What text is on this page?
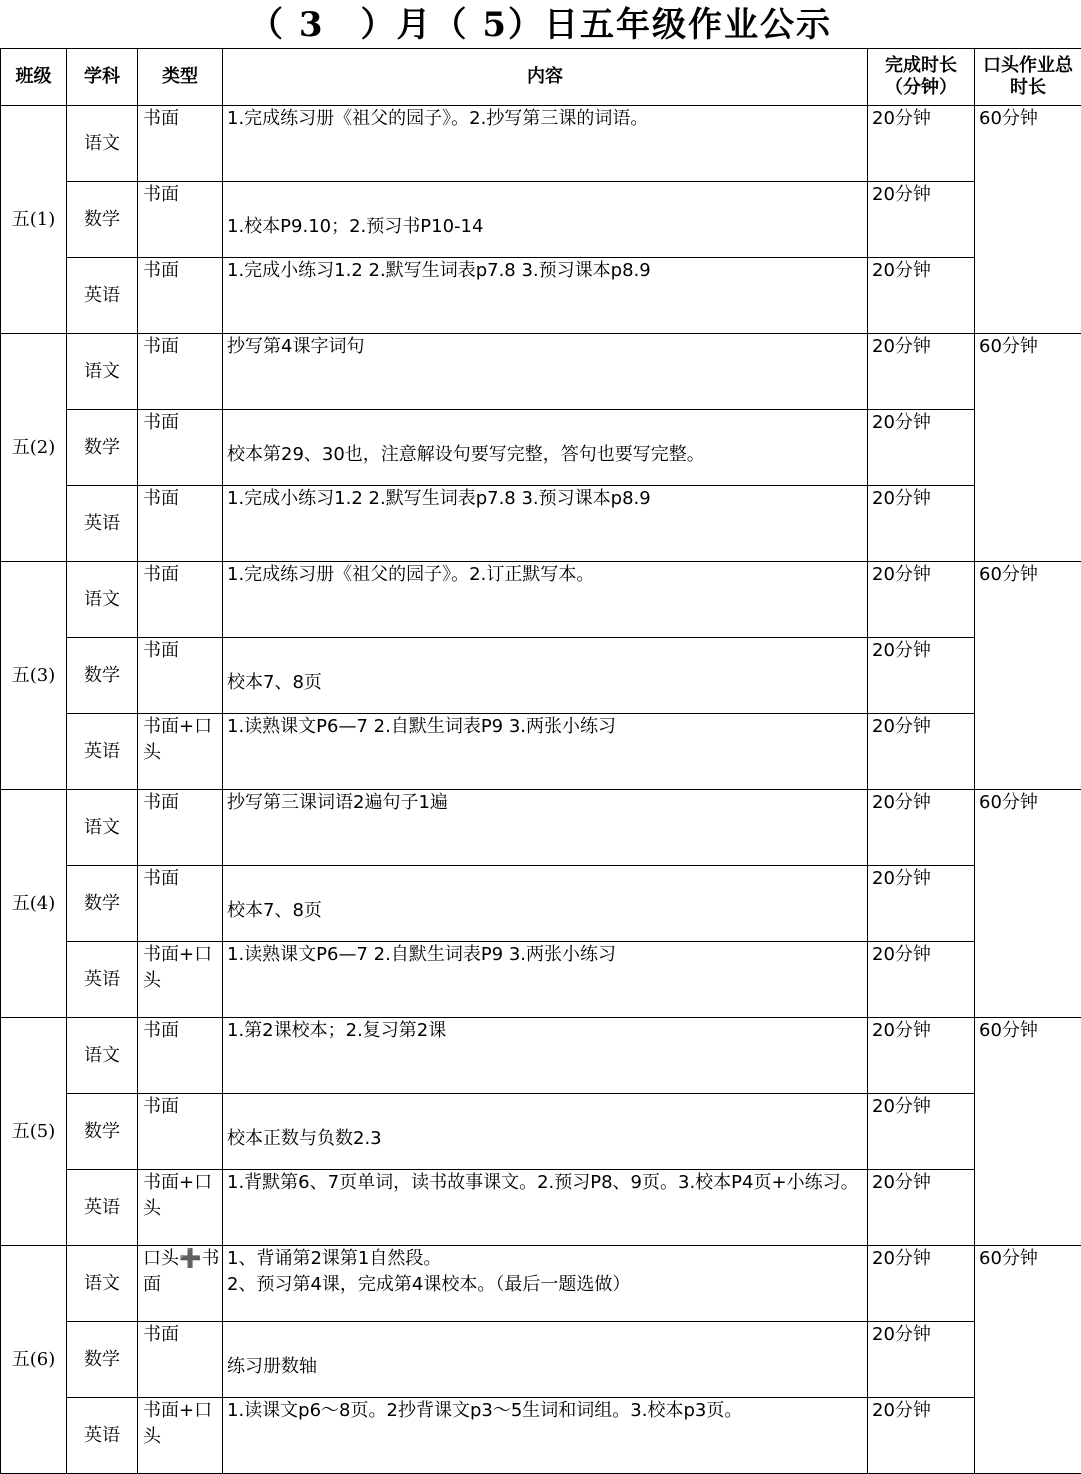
（ 3　）月（ 5）日五年级作业公示
班级	学科	类型	内容	完成时长（分钟）	口头作业总时长
五(1)	语文	书面	1.完成练习册《祖父的园子》。2.抄写第三课的词语。	20分钟	60分钟

	数学	书面	1.校本P9.10；2.预习书P10-14	20分钟	

	英语	书面	1.完成小练习1.2 2.默写生词表p7.8 3.预习课本p8.9	20分钟	

五(2)	语文	书面	抄写第4课字词句	20分钟	60分钟

	数学	书面	校本第29、30也，注意解设句要写完整，答句也要写完整。	20分钟	

	英语	书面	1.完成小练习1.2 2.默写生词表p7.8 3.预习课本p8.9	20分钟	

五(3)	语文	书面	1.完成练习册《祖父的园子》。2.订正默写本。	20分钟	60分钟

	数学	书面	校本7、8页	20分钟	

	英语	书面+口头	1.读熟课文P6—7 2.自默生词表P9 3.两张小练习	20分钟	

五(4)	语文	书面	抄写第三课词语2遍句子1遍	20分钟	60分钟

	数学	书面	校本7、8页	20分钟	

	英语	书面+口头	1.读熟课文P6—7 2.自默生词表P9 3.两张小练习	20分钟	

五(5)	语文	书面	1.第2课校本；2.复习第2课	20分钟	60分钟

	数学	书面	校本正数与负数2.3	20分钟	

	英语	书面+口头	1.背默第6、7页单词，读书故事课文。2.预习P8、9页。3.校本P4页+小练习。	20分钟	

五(6)	语文	口头➕书面	1、背诵第2课第1自然段。
2、预习第4课，完成第4课校本。（最后一题选做）	20分钟	60分钟

	数学	书面	练习册数轴	20分钟	

	英语	书面+口头	1.读课文p6～8页。2抄背课文p3～5生词和词组。3.校本p3页。	20分钟	
